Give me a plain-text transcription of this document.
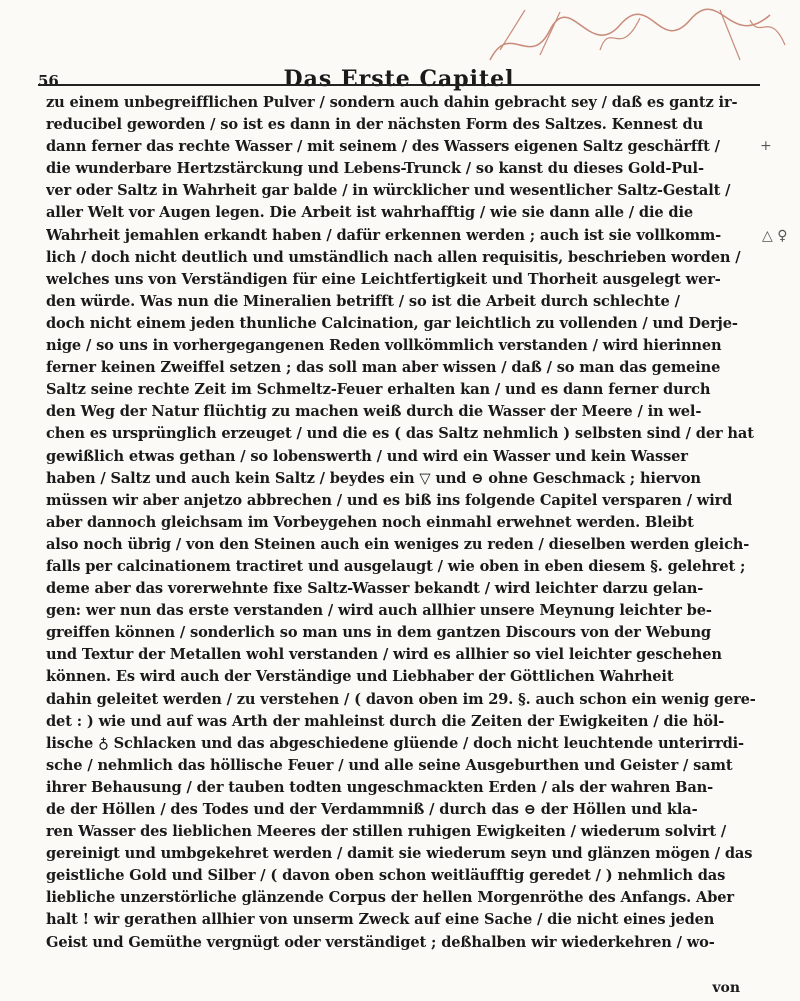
56	Das Erste Capitel
zu einem unbegreifflichen Pulver / sondern auch dahin gebracht sey / daß es gantz ir-
reducibel geworden / so ist es dann in der nächsten Form des Saltzes. Kennest du
dann ferner das rechte Wasser / mit seinem / des Wassers eigenen Saltz geschärfft /
die wunderbare Hertzstärckung und Lebens-Trunck / so kanst du dieses Gold-Pul-
ver oder Saltz in Wahrheit gar balde / in würcklicher und wesentlicher Saltz-Gestalt /
aller Welt vor Augen legen. Die Arbeit ist wahrhafftig / wie sie dann alle / die die
Wahrheit jemahlen erkandt haben / dafür erkennen werden ; auch ist sie vollkomm-
lich / doch nicht deutlich und umständlich nach allen requisitis, beschrieben worden /
welches uns von Verständigen für eine Leichtfertigkeit und Thorheit ausgelegt wer-
den würde. Was nun die Mineralien betrifft / so ist die Arbeit durch schlechte /
doch nicht einem jeden thunliche Calcination, gar leichtlich zu vollenden / und Derje-
nige / so uns in vorhergegangenen Reden vollkömmlich verstanden / wird hierinnen
ferner keinen Zweiffel setzen ; das soll man aber wissen / daß / so man das gemeine
Saltz seine rechte Zeit im Schmeltz-Feuer erhalten kan / und es dann ferner durch
den Weg der Natur flüchtig zu machen weiß durch die Wasser der Meere / in wel-
chen es ursprünglich erzeuget / und die es ( das Saltz nehmlich ) selbsten sind / der hat
gewißlich etwas gethan / so lobenswerth / und wird ein Wasser und kein Wasser
haben / Saltz und auch kein Saltz / beydes ein ▽ und ⊖ ohne Geschmack ; hiervon
müssen wir aber anjetzo abbrechen / und es biß ins folgende Capitel versparen / wird
aber dannoch gleichsam im Vorbeygehen noch einmahl erwehnet werden. Bleibt
also noch übrig / von den Steinen auch ein weniges zu reden / dieselben werden gleich-
falls per calcinationem tractiret und ausgelaugt / wie oben in eben diesem §. gelehret ;
deme aber das vorerwehnte fixe Saltz-Wasser bekandt / wird leichter darzu gelan-
gen: wer nun das erste verstanden / wird auch allhier unsere Meynung leichter be-
greiffen können / sonderlich so man uns in dem gantzen Discours von der Webung
und Textur der Metallen wohl verstanden / wird es allhier so viel leichter geschehen
können. Es wird auch der Verständige und Liebhaber der Göttlichen Wahrheit
dahin geleitet werden / zu verstehen / ( davon oben im 29. §. auch schon ein wenig gere-
det : ) wie und auf was Arth der mahleinst durch die Zeiten der Ewigkeiten / die höl-
lische ♁ Schlacken und das abgeschiedene glüende / doch nicht leuchtende unterirrdi-
sche / nehmlich das höllische Feuer / und alle seine Ausgeburthen und Geister / samt
ihrer Behausung / der tauben todten ungeschmackten Erden / als der wahren Ban-
de der Höllen / des Todes und der Verdammniß / durch das ⊖ der Höllen und kla-
ren Wasser des lieblichen Meeres der stillen ruhigen Ewigkeiten / wiederum solvirt /
gereinigt und umbgekehret werden / damit sie wiederum seyn und glänzen mögen / das
geistliche Gold und Silber / ( davon oben schon weitläufftig geredet / ) nehmlich das
liebliche unzerstörliche glänzende Corpus der hellen Morgenröthe des Anfangs. Aber
halt ! wir gerathen allhier von unserm Zweck auf eine Sache / die nicht eines jeden
Geist und Gemüthe vergnügt oder verständiget ; deßhalben wir wiederkehren / wo-
+
△ ♀
von
